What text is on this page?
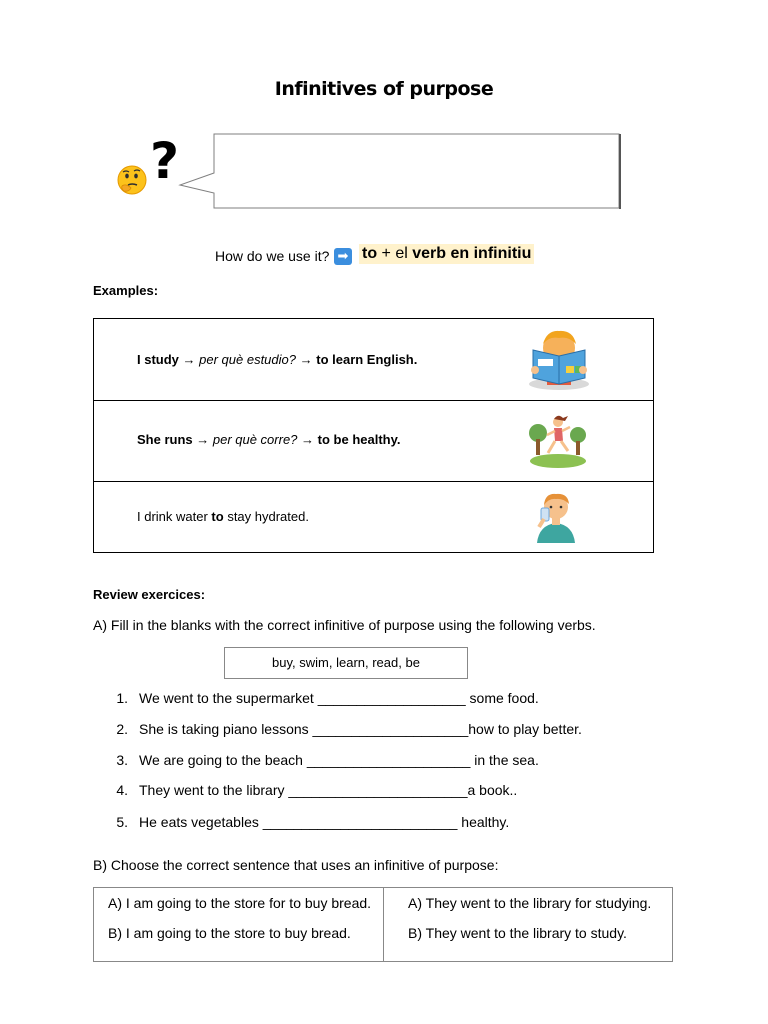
Infinitives of purpose
?
How do we use it? ➡ to + el verb en infinitiu
Examples:
I study → per què estudio? → to learn English.
She runs → per què corre? → to be healthy.
I drink water to stay hydrated.
Review exercices:
A) Fill in the blanks with the correct infinitive of purpose using the following verbs.
buy, swim, learn, read, be
1. We went to the supermarket ___________________ some food.
2. She is taking piano lessons ____________________how to play better.
3. We are going to the beach _____________________ in the sea.
4. They went to the library _______________________a book..
5. He eats vegetables _________________________ healthy.
B) Choose the correct sentence that uses an infinitive of purpose:
A) I am going to the store for to buy bread.
B) I am going to the store to buy bread.
A) They went to the library for studying.
B) They went to the library to study.
